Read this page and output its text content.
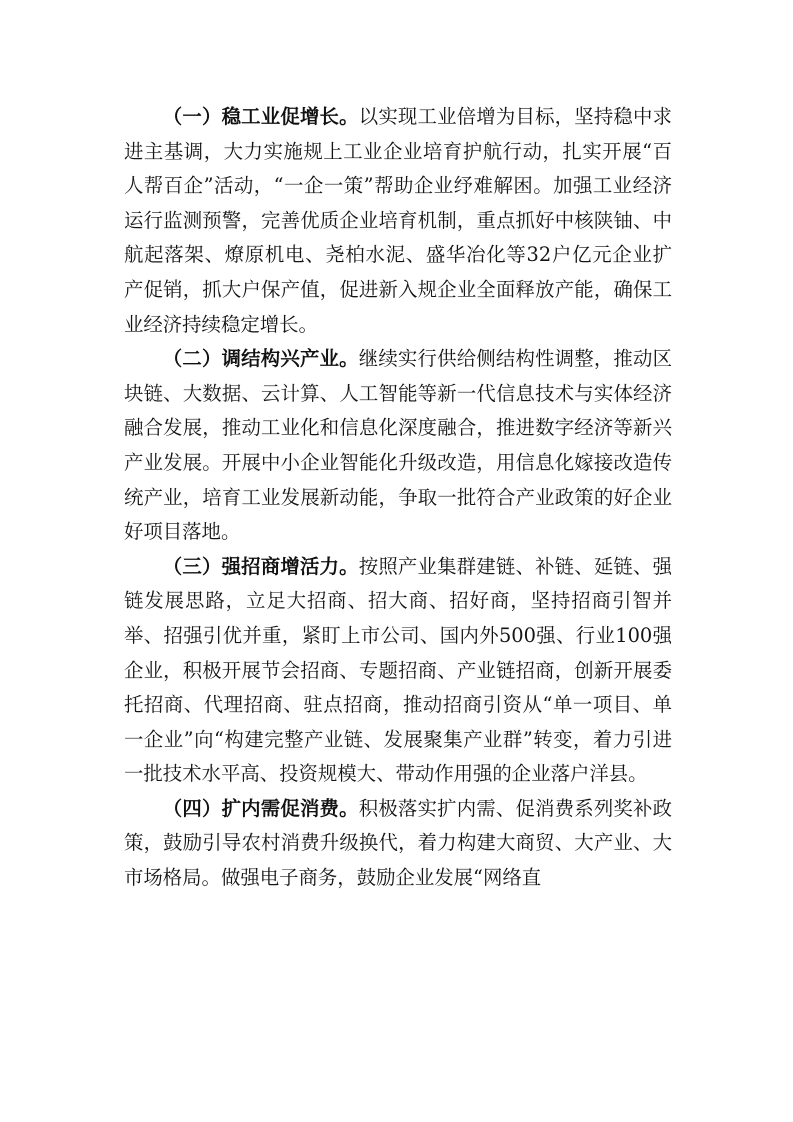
（一）稳工业促增长。以实现工业倍增为目标，坚持稳中求进主基调，大力实施规上工业企业培育护航行动，扎实开展“百人帮百企”活动，“一企一策”帮助企业纾难解困。加强工业经济运行监测预警，完善优质企业培育机制，重点抓好中核陕铀、中航起落架、燎原机电、尧柏水泥、盛华冶化等32户亿元企业扩产促销，抓大户保产值，促进新入规企业全面释放产能，确保工业经济持续稳定增长。

（二）调结构兴产业。继续实行供给侧结构性调整，推动区块链、大数据、云计算、人工智能等新一代信息技术与实体经济融合发展，推动工业化和信息化深度融合，推进数字经济等新兴产业发展。开展中小企业智能化升级改造，用信息化嫁接改造传统产业，培育工业发展新动能，争取一批符合产业政策的好企业好项目落地。

（三）强招商增活力。按照产业集群建链、补链、延链、强链发展思路，立足大招商、招大商、招好商，坚持招商引智并举、招强引优并重，紧盯上市公司、国内外500强、行业100强企业，积极开展节会招商、专题招商、产业链招商，创新开展委托招商、代理招商、驻点招商，推动招商引资从“单一项目、单一企业”向“构建完整产业链、发展聚集产业群”转变，着力引进一批技术水平高、投资规模大、带动作用强的企业落户洋县。

（四）扩内需促消费。积极落实扩内需、促消费系列奖补政策，鼓励引导农村消费升级换代，着力构建大商贸、大产业、大市场格局。做强电子商务，鼓励企业发展“网络直
